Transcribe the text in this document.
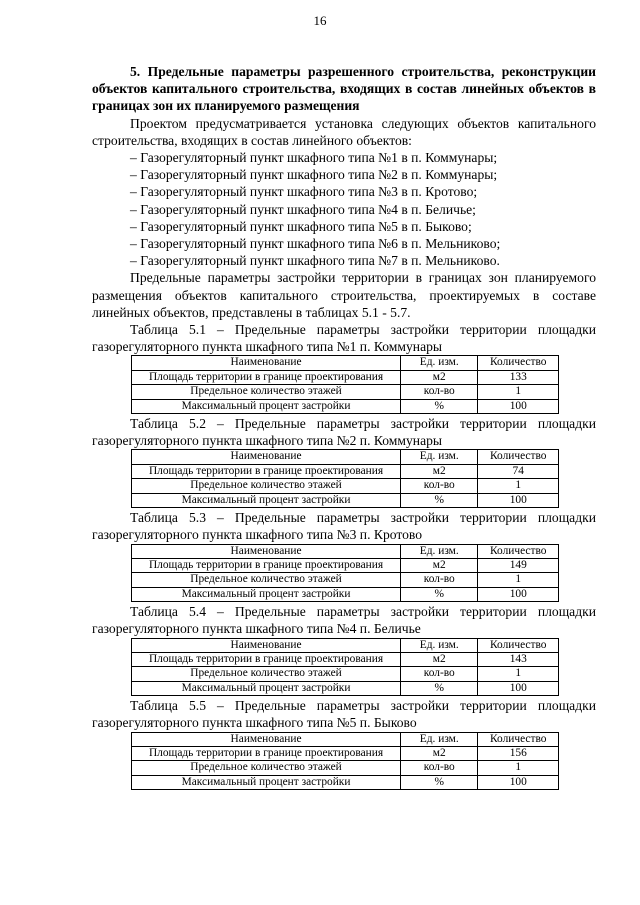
16

5. Предельные параметры разрешенного строительства, реконструкции объектов капитального строительства, входящих в состав линейных объектов в границах зон их планируемого размещения

Проектом предусматривается установка следующих объектов капитального строительства, входящих в состав линейного объектов:

– Газорегуляторный пункт шкафного типа №1 в п. Коммунары;
– Газорегуляторный пункт шкафного типа №2 в п. Коммунары;
– Газорегуляторный пункт шкафного типа №3 в п. Кротово;
– Газорегуляторный пункт шкафного типа №4 в п. Беличье;
– Газорегуляторный пункт шкафного типа №5 в п. Быково;
– Газорегуляторный пункт шкафного типа №6 в п. Мельниково;
– Газорегуляторный пункт шкафного типа №7 в п. Мельниково.

Предельные параметры застройки территории в границах зон планируемого размещения объектов капитального строительства, проектируемых в составе линейных объектов, представлены в таблицах 5.1 - 5.7.

Таблица 5.1 – Предельные параметры застройки территории площадки газорегуляторного пункта шкафного типа №1 п. Коммунары

Наименование	Ед. изм.	Количество
Площадь территории в границе проектирования	м2	133
Предельное количество этажей	кол-во	1
Максимальный процент застройки	%	100

Таблица 5.2 – Предельные параметры застройки территории площадки газорегуляторного пункта шкафного типа №2 п. Коммунары

Наименование	Ед. изм.	Количество
Площадь территории в границе проектирования	м2	74
Предельное количество этажей	кол-во	1
Максимальный процент застройки	%	100

Таблица 5.3 – Предельные параметры застройки территории площадки газорегуляторного пункта шкафного типа №3 п. Кротово

Наименование	Ед. изм.	Количество
Площадь территории в границе проектирования	м2	149
Предельное количество этажей	кол-во	1
Максимальный процент застройки	%	100

Таблица 5.4 – Предельные параметры застройки территории площадки газорегуляторного пункта шкафного типа №4 п. Беличье

Наименование	Ед. изм.	Количество
Площадь территории в границе проектирования	м2	143
Предельное количество этажей	кол-во	1
Максимальный процент застройки	%	100

Таблица 5.5 – Предельные параметры застройки территории площадки газорегуляторного пункта шкафного типа №5 п. Быково

Наименование	Ед. изм.	Количество
Площадь территории в границе проектирования	м2	156
Предельное количество этажей	кол-во	1
Максимальный процент застройки	%	100
